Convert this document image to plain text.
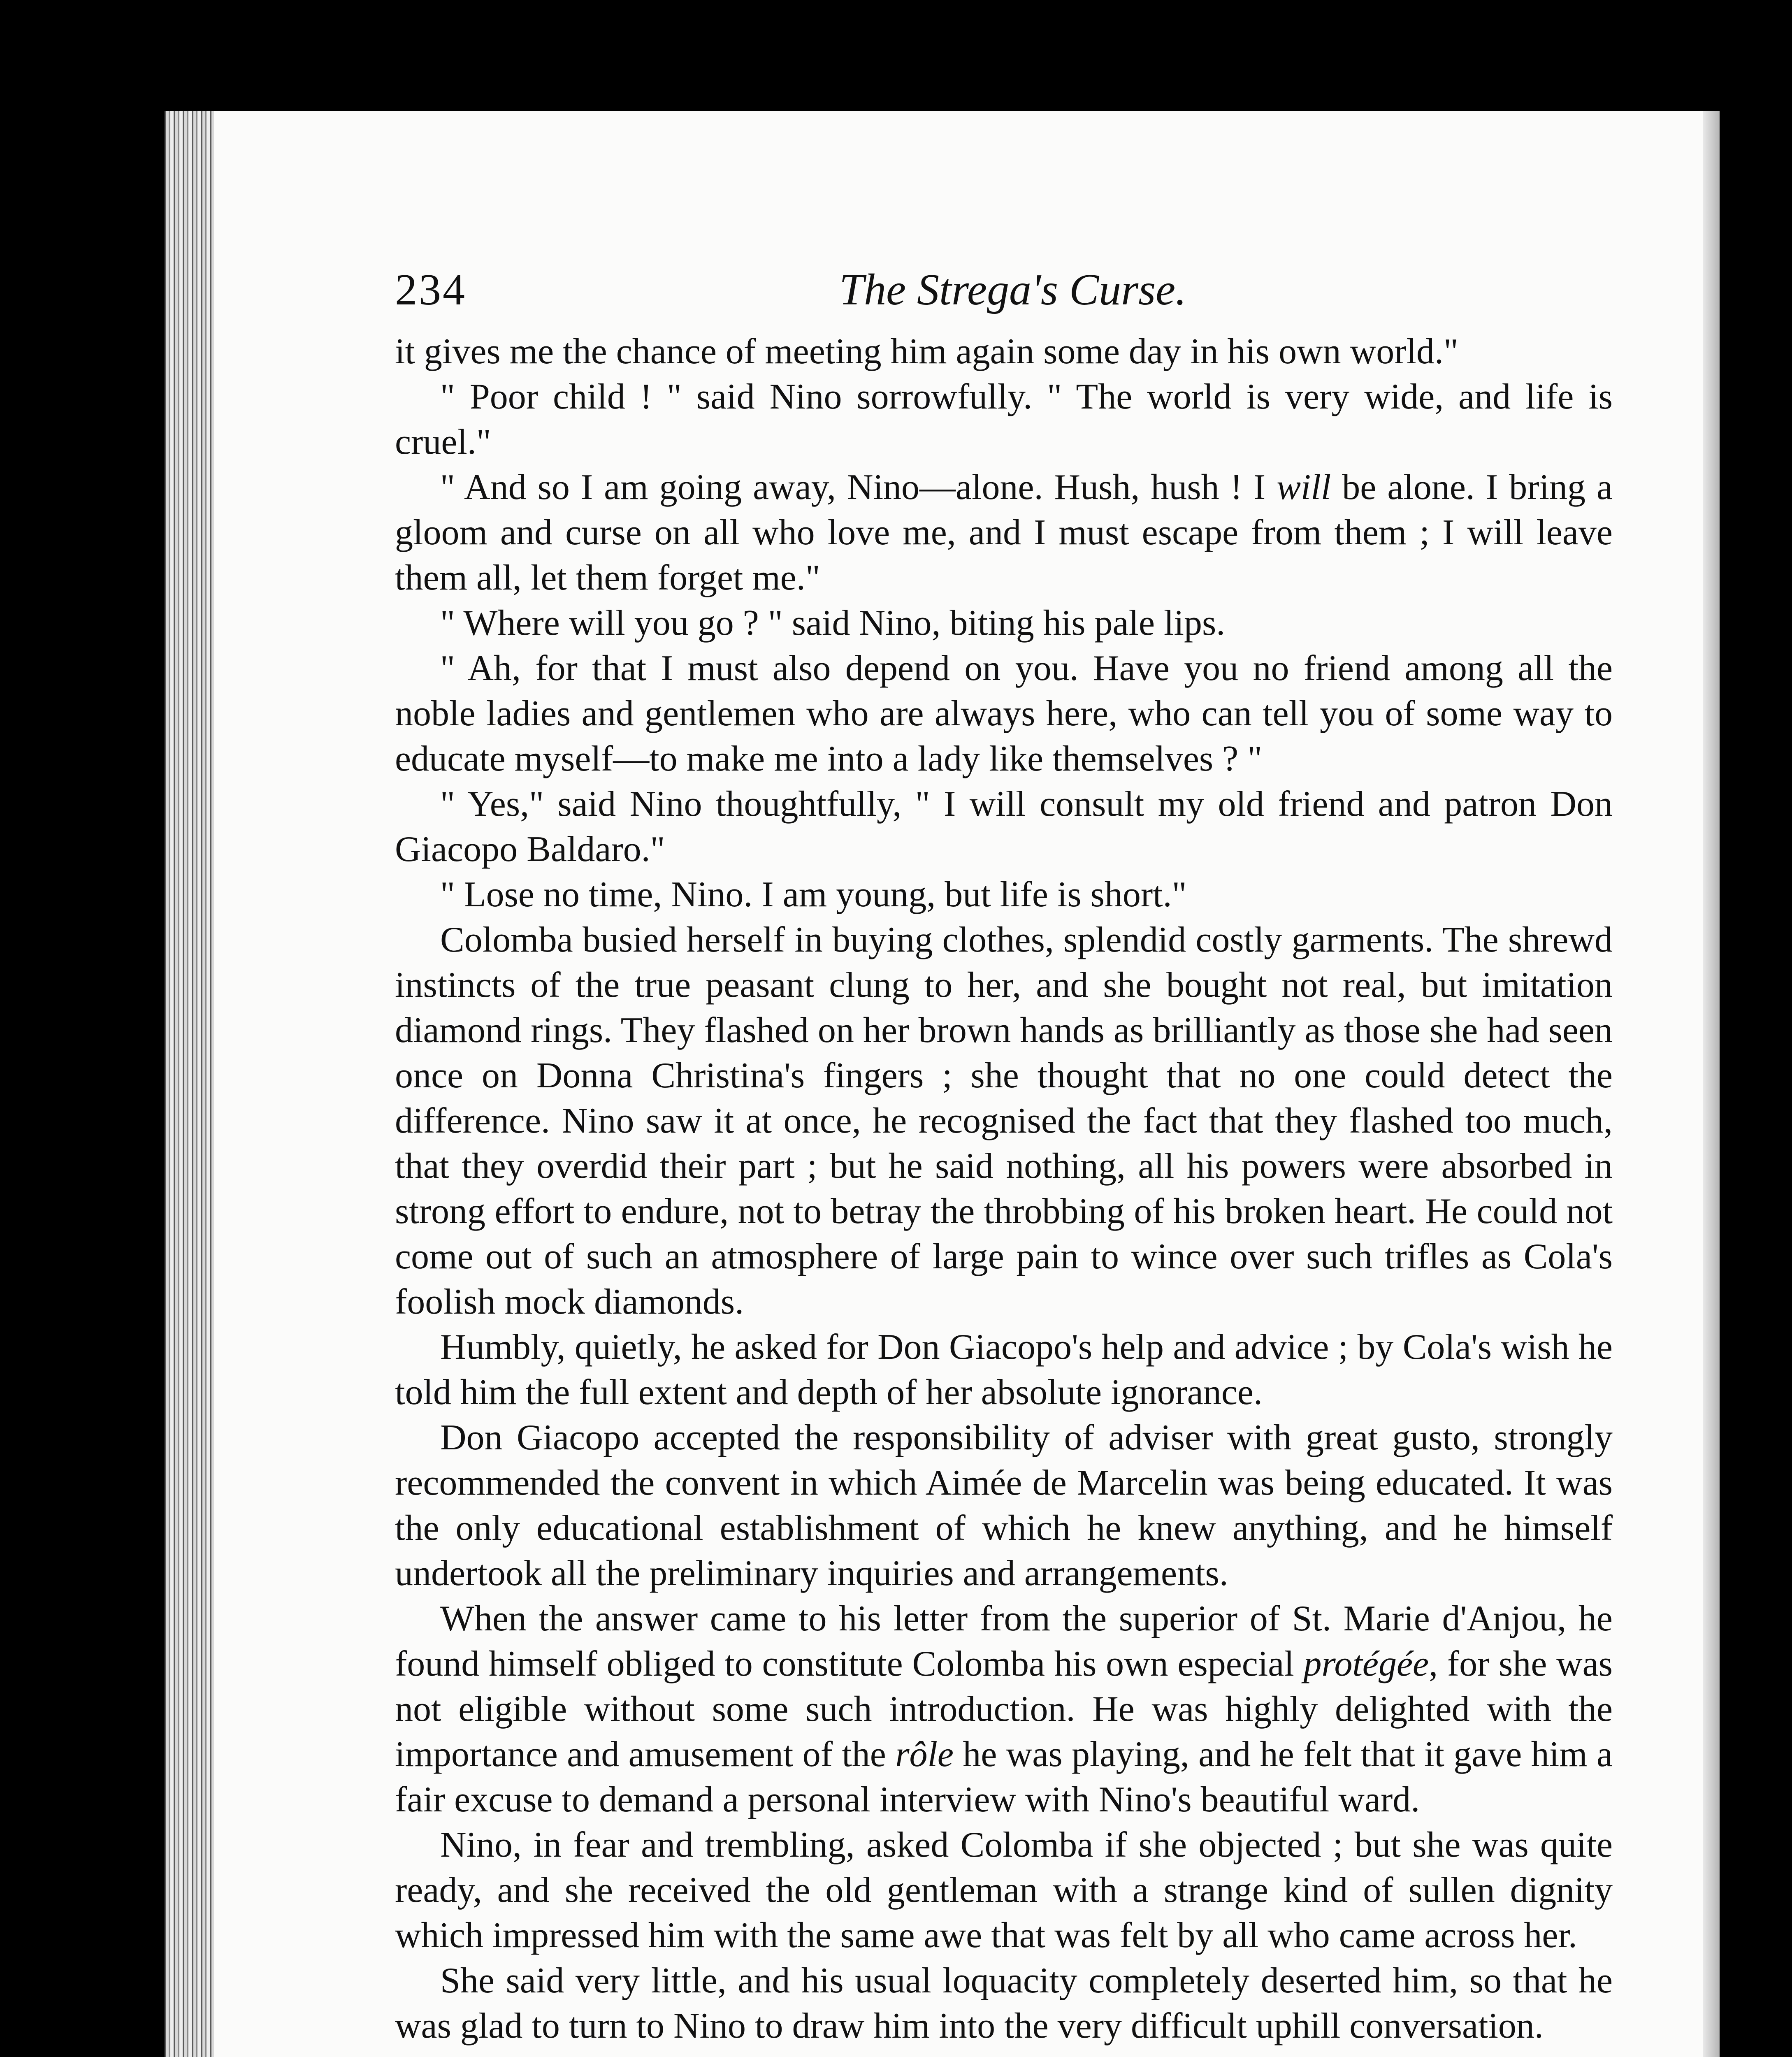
234	The Strega's Curse.

it gives me the chance of meeting him again some day in his own world."

" Poor child ! " said Nino sorrowfully. " The world is very wide, and life is cruel."

" And so I am going away, Nino—alone. Hush, hush ! I will be alone. I bring a gloom and curse on all who love me, and I must escape from them ; I will leave them all, let them forget me."

" Where will you go ? " said Nino, biting his pale lips.

" Ah, for that I must also depend on you. Have you no friend among all the noble ladies and gentlemen who are always here, who can tell you of some way to educate myself—to make me into a lady like themselves ? "

" Yes," said Nino thoughtfully, " I will consult my old friend and patron Don Giacopo Baldaro."

" Lose no time, Nino. I am young, but life is short."

Colomba busied herself in buying clothes, splendid costly garments. The shrewd instincts of the true peasant clung to her, and she bought not real, but imitation diamond rings. They flashed on her brown hands as brilliantly as those she had seen once on Donna Christina's fingers ; she thought that no one could detect the difference. Nino saw it at once, he recognised the fact that they flashed too much, that they overdid their part ; but he said nothing, all his powers were absorbed in strong effort to endure, not to betray the throbbing of his broken heart. He could not come out of such an atmosphere of large pain to wince over such trifles as Cola's foolish mock diamonds.

Humbly, quietly, he asked for Don Giacopo's help and advice ; by Cola's wish he told him the full extent and depth of her absolute ignorance.

Don Giacopo accepted the responsibility of adviser with great gusto, strongly recommended the convent in which Aimée de Marcelin was being educated. It was the only educational establishment of which he knew anything, and he himself undertook all the preliminary inquiries and arrangements.

When the answer came to his letter from the superior of St. Marie d'Anjou, he found himself obliged to constitute Colomba his own especial protégée, for she was not eligible without some such introduction. He was highly delighted with the importance and amusement of the rôle he was playing, and he felt that it gave him a fair excuse to demand a personal interview with Nino's beautiful ward.

Nino, in fear and trembling, asked Colomba if she objected ; but she was quite ready, and she received the old gentleman with a strange kind of sullen dignity which impressed him with the same awe that was felt by all who came across her.

She said very little, and his usual loquacity completely deserted him, so that he was glad to turn to Nino to draw him into the very difficult uphill conversation.
